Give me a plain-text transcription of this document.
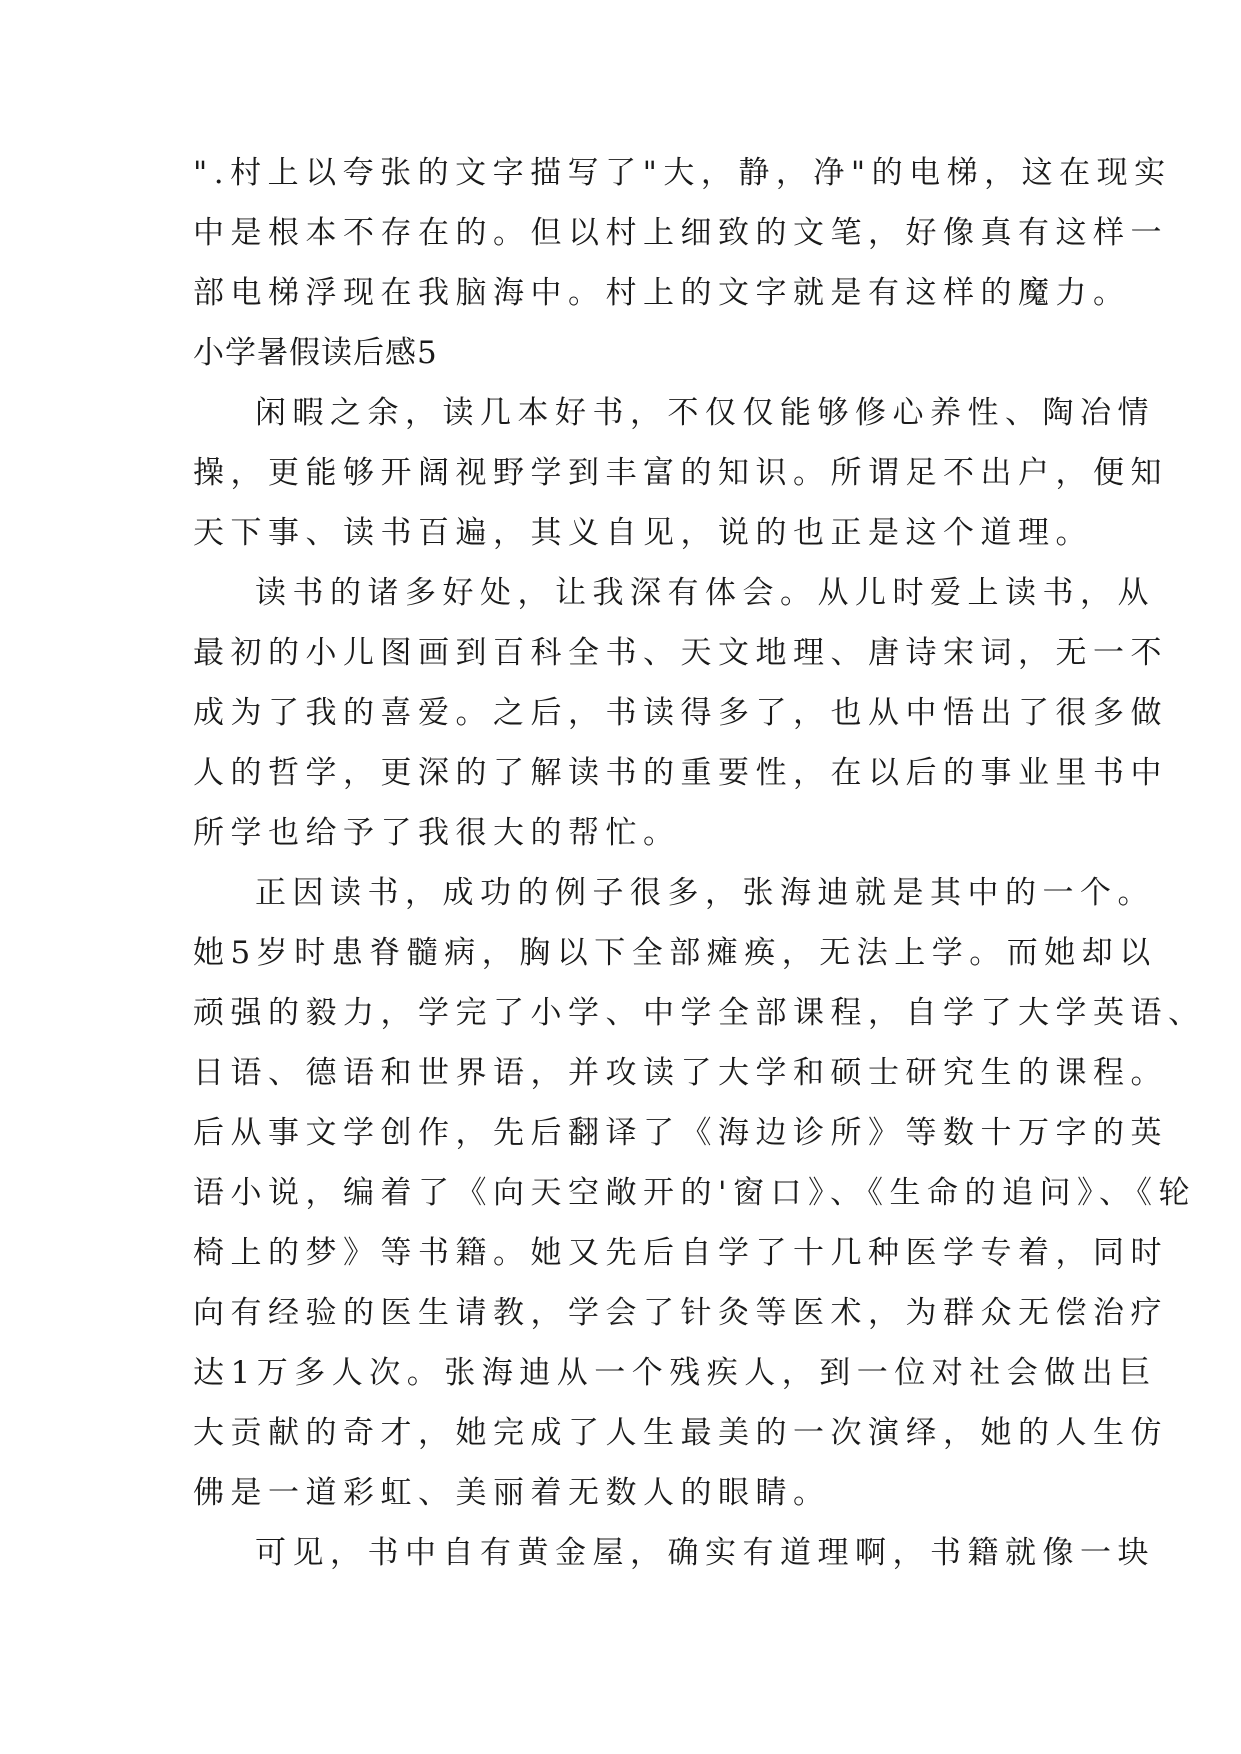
".村上以夸张的文字描写了"大，静，净"的电梯，这在现实
中是根本不存在的。但以村上细致的文笔，好像真有这样一
部电梯浮现在我脑海中。村上的文字就是有这样的魔力。
小学暑假读后感5
闲暇之余，读几本好书，不仅仅能够修心养性、陶冶情
操，更能够开阔视野学到丰富的知识。所谓足不出户，便知
天下事、读书百遍，其义自见，说的也正是这个道理。
读书的诸多好处，让我深有体会。从儿时爱上读书，从
最初的小儿图画到百科全书、天文地理、唐诗宋词，无一不
成为了我的喜爱。之后，书读得多了，也从中悟出了很多做
人的哲学，更深的了解读书的重要性，在以后的事业里书中
所学也给予了我很大的帮忙。
正因读书，成功的例子很多，张海迪就是其中的一个。
她5岁时患脊髓病，胸以下全部瘫痪，无法上学。而她却以
顽强的毅力，学完了小学、中学全部课程，自学了大学英语、
日语、德语和世界语，并攻读了大学和硕士研究生的课程。
后从事文学创作，先后翻译了《海边诊所》等数十万字的英
语小说，编着了《向天空敞开的'窗口》、《生命的追问》、《轮
椅上的梦》等书籍。她又先后自学了十几种医学专着，同时
向有经验的医生请教，学会了针灸等医术，为群众无偿治疗
达1万多人次。张海迪从一个残疾人，到一位对社会做出巨
大贡献的奇才，她完成了人生最美的一次演绎，她的人生仿
佛是一道彩虹、美丽着无数人的眼睛。
可见，书中自有黄金屋，确实有道理啊，书籍就像一块
